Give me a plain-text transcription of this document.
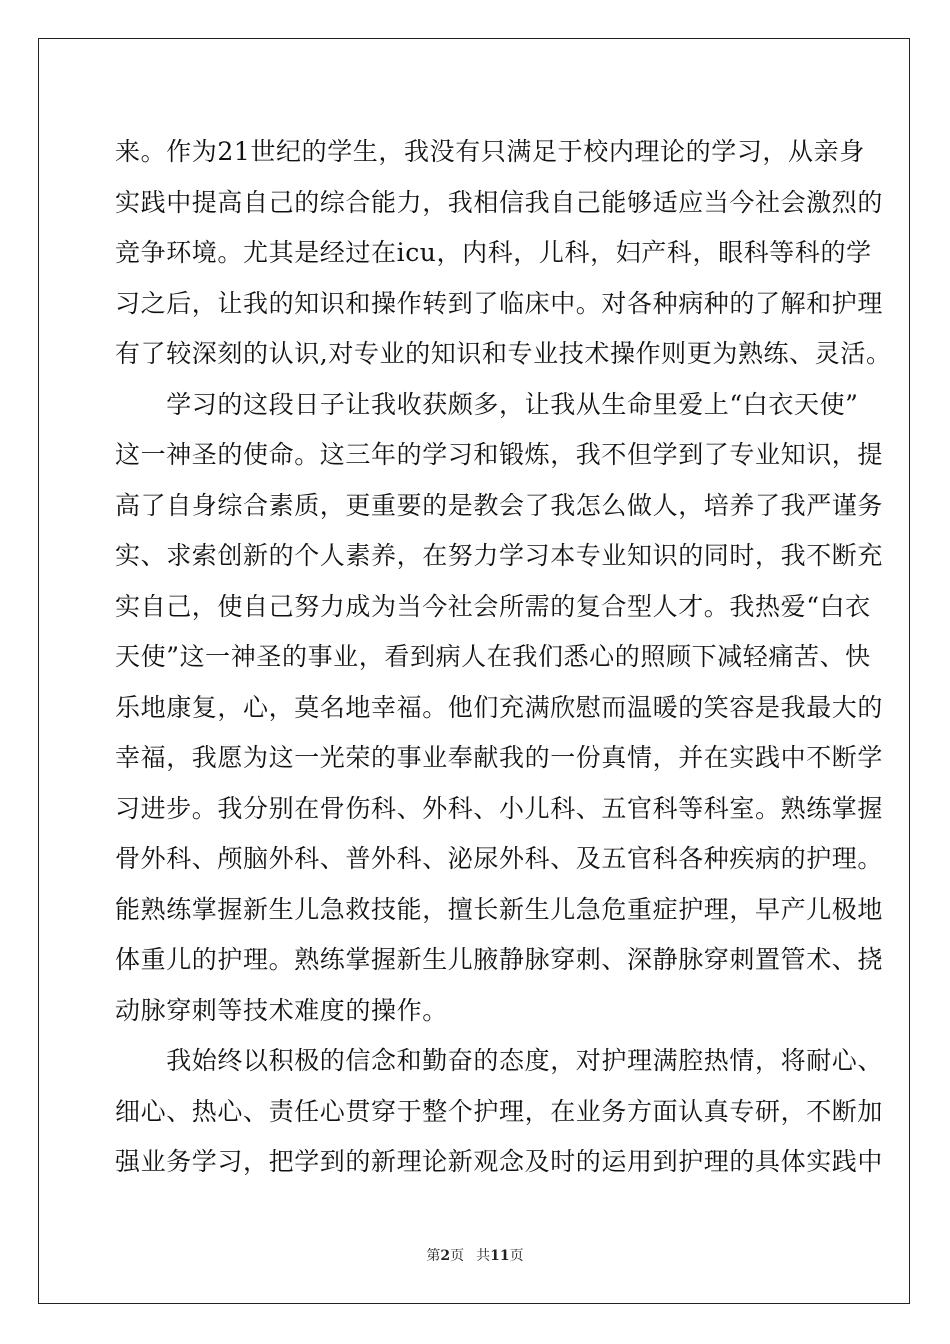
来。作为21世纪的学生，我没有只满足于校内理论的学习，从亲身
实践中提高自己的综合能力，我相信我自己能够适应当今社会激烈的
竞争环境。尤其是经过在icu，内科，儿科，妇产科，眼科等科的学
习之后，让我的知识和操作转到了临床中。对各种病种的了解和护理
有了较深刻的认识,对专业的知识和专业技术操作则更为熟练、灵活。
　　学习的这段日子让我收获颇多，让我从生命里爱上“白衣天使”
这一神圣的使命。这三年的学习和锻炼，我不但学到了专业知识，提
高了自身综合素质，更重要的是教会了我怎么做人，培养了我严谨务
实、求索创新的个人素养，在努力学习本专业知识的同时，我不断充
实自己，使自己努力成为当今社会所需的复合型人才。我热爱“白衣
天使”这一神圣的事业，看到病人在我们悉心的照顾下减轻痛苦、快
乐地康复，心，莫名地幸福。他们充满欣慰而温暖的笑容是我最大的
幸福，我愿为这一光荣的事业奉献我的一份真情，并在实践中不断学
习进步。我分别在骨伤科、外科、小儿科、五官科等科室。熟练掌握
骨外科、颅脑外科、普外科、泌尿外科、及五官科各种疾病的护理。
能熟练掌握新生儿急救技能，擅长新生儿急危重症护理，早产儿极地
体重儿的护理。熟练掌握新生儿腋静脉穿刺、深静脉穿刺置管术、挠
动脉穿刺等技术难度的操作。
　　我始终以积极的信念和勤奋的态度，对护理满腔热情，将耐心、
细心、热心、责任心贯穿于整个护理，在业务方面认真专研，不断加
强业务学习，把学到的新理论新观念及时的运用到护理的具体实践中
第2页 共11页
